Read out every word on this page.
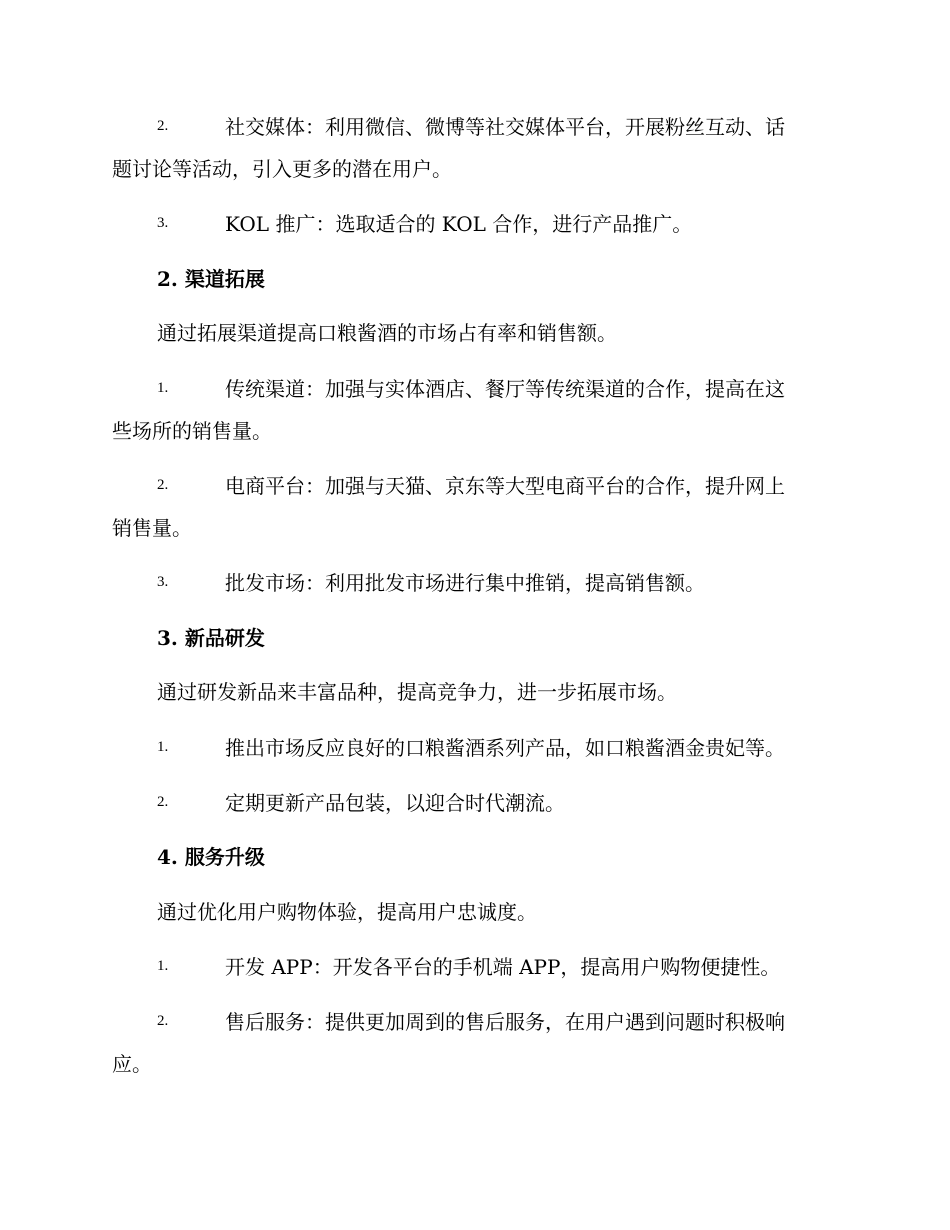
2.	社交媒体：利用微信、微博等社交媒体平台，开展粉丝互动、话
题讨论等活动，引入更多的潜在用户。
3.	KOL 推广：选取适合的 KOL 合作，进行产品推广。
2. 渠道拓展
通过拓展渠道提高口粮酱酒的市场占有率和销售额。
1.	传统渠道：加强与实体酒店、餐厅等传统渠道的合作，提高在这
些场所的销售量。
2.	电商平台：加强与天猫、京东等大型电商平台的合作，提升网上
销售量。
3.	批发市场：利用批发市场进行集中推销，提高销售额。
3. 新品研发
通过研发新品来丰富品种，提高竞争力，进一步拓展市场。
1.	推出市场反应良好的口粮酱酒系列产品，如口粮酱酒金贵妃等。
2.	定期更新产品包装，以迎合时代潮流。
4. 服务升级
通过优化用户购物体验，提高用户忠诚度。
1.	开发 APP：开发各平台的手机端 APP，提高用户购物便捷性。
2.	售后服务：提供更加周到的售后服务，在用户遇到问题时积极响
应。
